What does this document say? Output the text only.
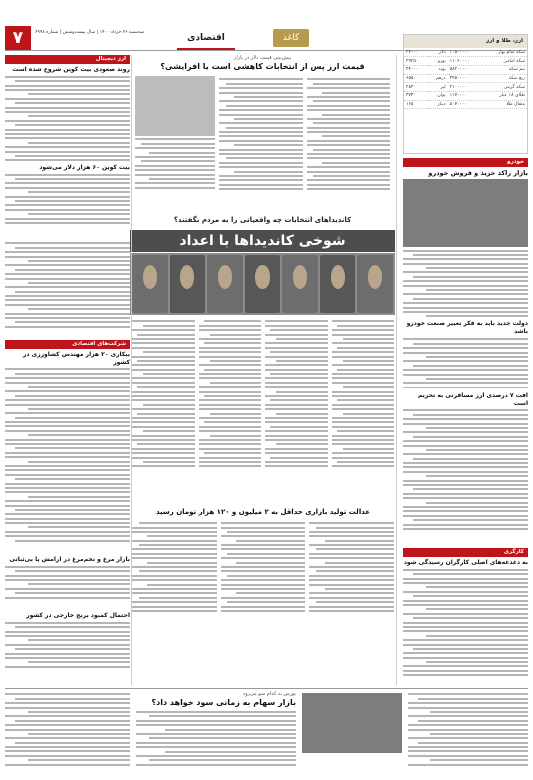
۷	سه‌شنبه ۲۶ خرداد ۱۴۰۰ | سال بیست‌وشش | شماره ۶۹۹۸
اقتصادی	کاغذ	ارز، طلا و ارز
سکه تمام بهار	۱۰۵۰۰۰۰۰	دلار	۲۴۰۰۰
سکه امامی	۱۱۰۶۰۰۰۰	یورو	۲۹۲۵۰
نیم سکه	۵۸۲۰۰۰۰	پوند	۳۴۰۰۰
ربع سکه	۳۴۵۰۰۰۰	درهم	۶۵۵۰
سکه گرمی	۲۱۰۰۰۰۰	لیر	۲۸۳۰
طلای ۱۸ عیار	۱۱۷۰۰۰۰	یوان	۳۷۳۰
مثقال طلا	۵۰۷۰۰۰۰	دینار	۱۶۵
پیش‌بینی قیمت دلار در بازار
قیمت ارز پس از انتخابات کاهشی است یا افزایشی؟
خودرو
بازار راکد خرید و فروش خودرو
دولت جدید باید به فکر تغییر صنعت خودرو باشد
افت ۷ درصدی ارز مسافرتی به تحریم است
کارگری
به دغدغه‌های اصلی کارگران رسیدگی شود
کاندیداهای انتخابات چه واقعیاتی را به مردم نگفتند؟
شوخی کاندیداها با اعداد
عدالت تولید بازاری حداقل به ۲ میلیون و ۱۲۰ هزار تومان رسید
ارز دیجیتال
روند صعودی بیت کوین شروع شده است
بیت کوین ۶۰ هزار دلار می‌شود
شرکت‌های اقتصادی
بیکاری ۲۰ هزار مهندس کشاورزی در کشور
بازار مرغ و تخم‌مرغ در آرامش یا بی‌ثباتی
احتمال کمبود برنج خارجی در کشور
بورس به کدام سو می‌رود
بازار سهام به زمانی سود خواهد داد؟
